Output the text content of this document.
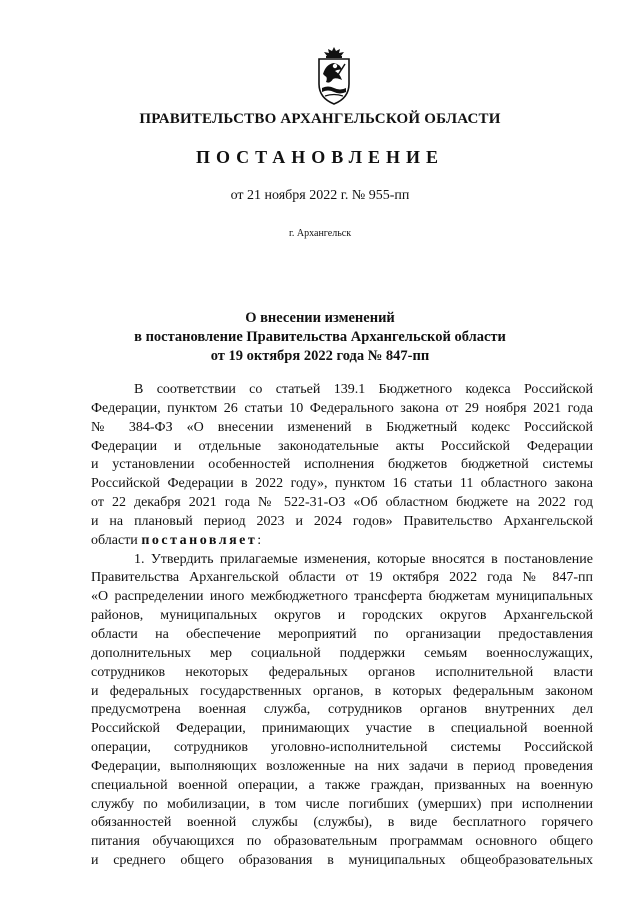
ПРАВИТЕЛЬСТВО АРХАНГЕЛЬСКОЙ ОБЛАСТИ
ПОСТАНОВЛЕНИЕ
от 21 ноября 2022 г. № 955-пп
г. Архангельск
О внесении изменений
в постановление Правительства Архангельской области
от 19 октября 2022 года № 847-пп
В соответствии со статьей 139.1 Бюджетного кодекса Российской
Федерации, пунктом 26 статьи 10 Федерального закона от 29 ноября 2021 года
№ 384-ФЗ «О внесении изменений в Бюджетный кодекс Российской
Федерации и отдельные законодательные акты Российской Федерации
и установлении особенностей исполнения бюджетов бюджетной системы
Российской Федерации в 2022 году», пунктом 16 статьи 11 областного закона
от 22 декабря 2021 года № 522-31-ОЗ «Об областном бюджете на 2022 год
и на плановый период 2023 и 2024 годов» Правительство Архангельской
области постановляет:
1. Утвердить прилагаемые изменения, которые вносятся в постановление
Правительства Архангельской области от 19 октября 2022 года № 847-пп
«О распределении иного межбюджетного трансферта бюджетам муниципальных
районов, муниципальных округов и городских округов Архангельской
области на обеспечение мероприятий по организации предоставления
дополнительных мер социальной поддержки семьям военнослужащих,
сотрудников некоторых федеральных органов исполнительной власти
и федеральных государственных органов, в которых федеральным законом
предусмотрена военная служба, сотрудников органов внутренних дел
Российской Федерации, принимающих участие в специальной военной
операции, сотрудников уголовно-исполнительной системы Российской
Федерации, выполняющих возложенные на них задачи в период проведения
специальной военной операции, а также граждан, призванных на военную
службу по мобилизации, в том числе погибших (умерших) при исполнении
обязанностей военной службы (службы), в виде бесплатного горячего
питания обучающихся по образовательным программам основного общего
и среднего общего образования в муниципальных общеобразовательных
